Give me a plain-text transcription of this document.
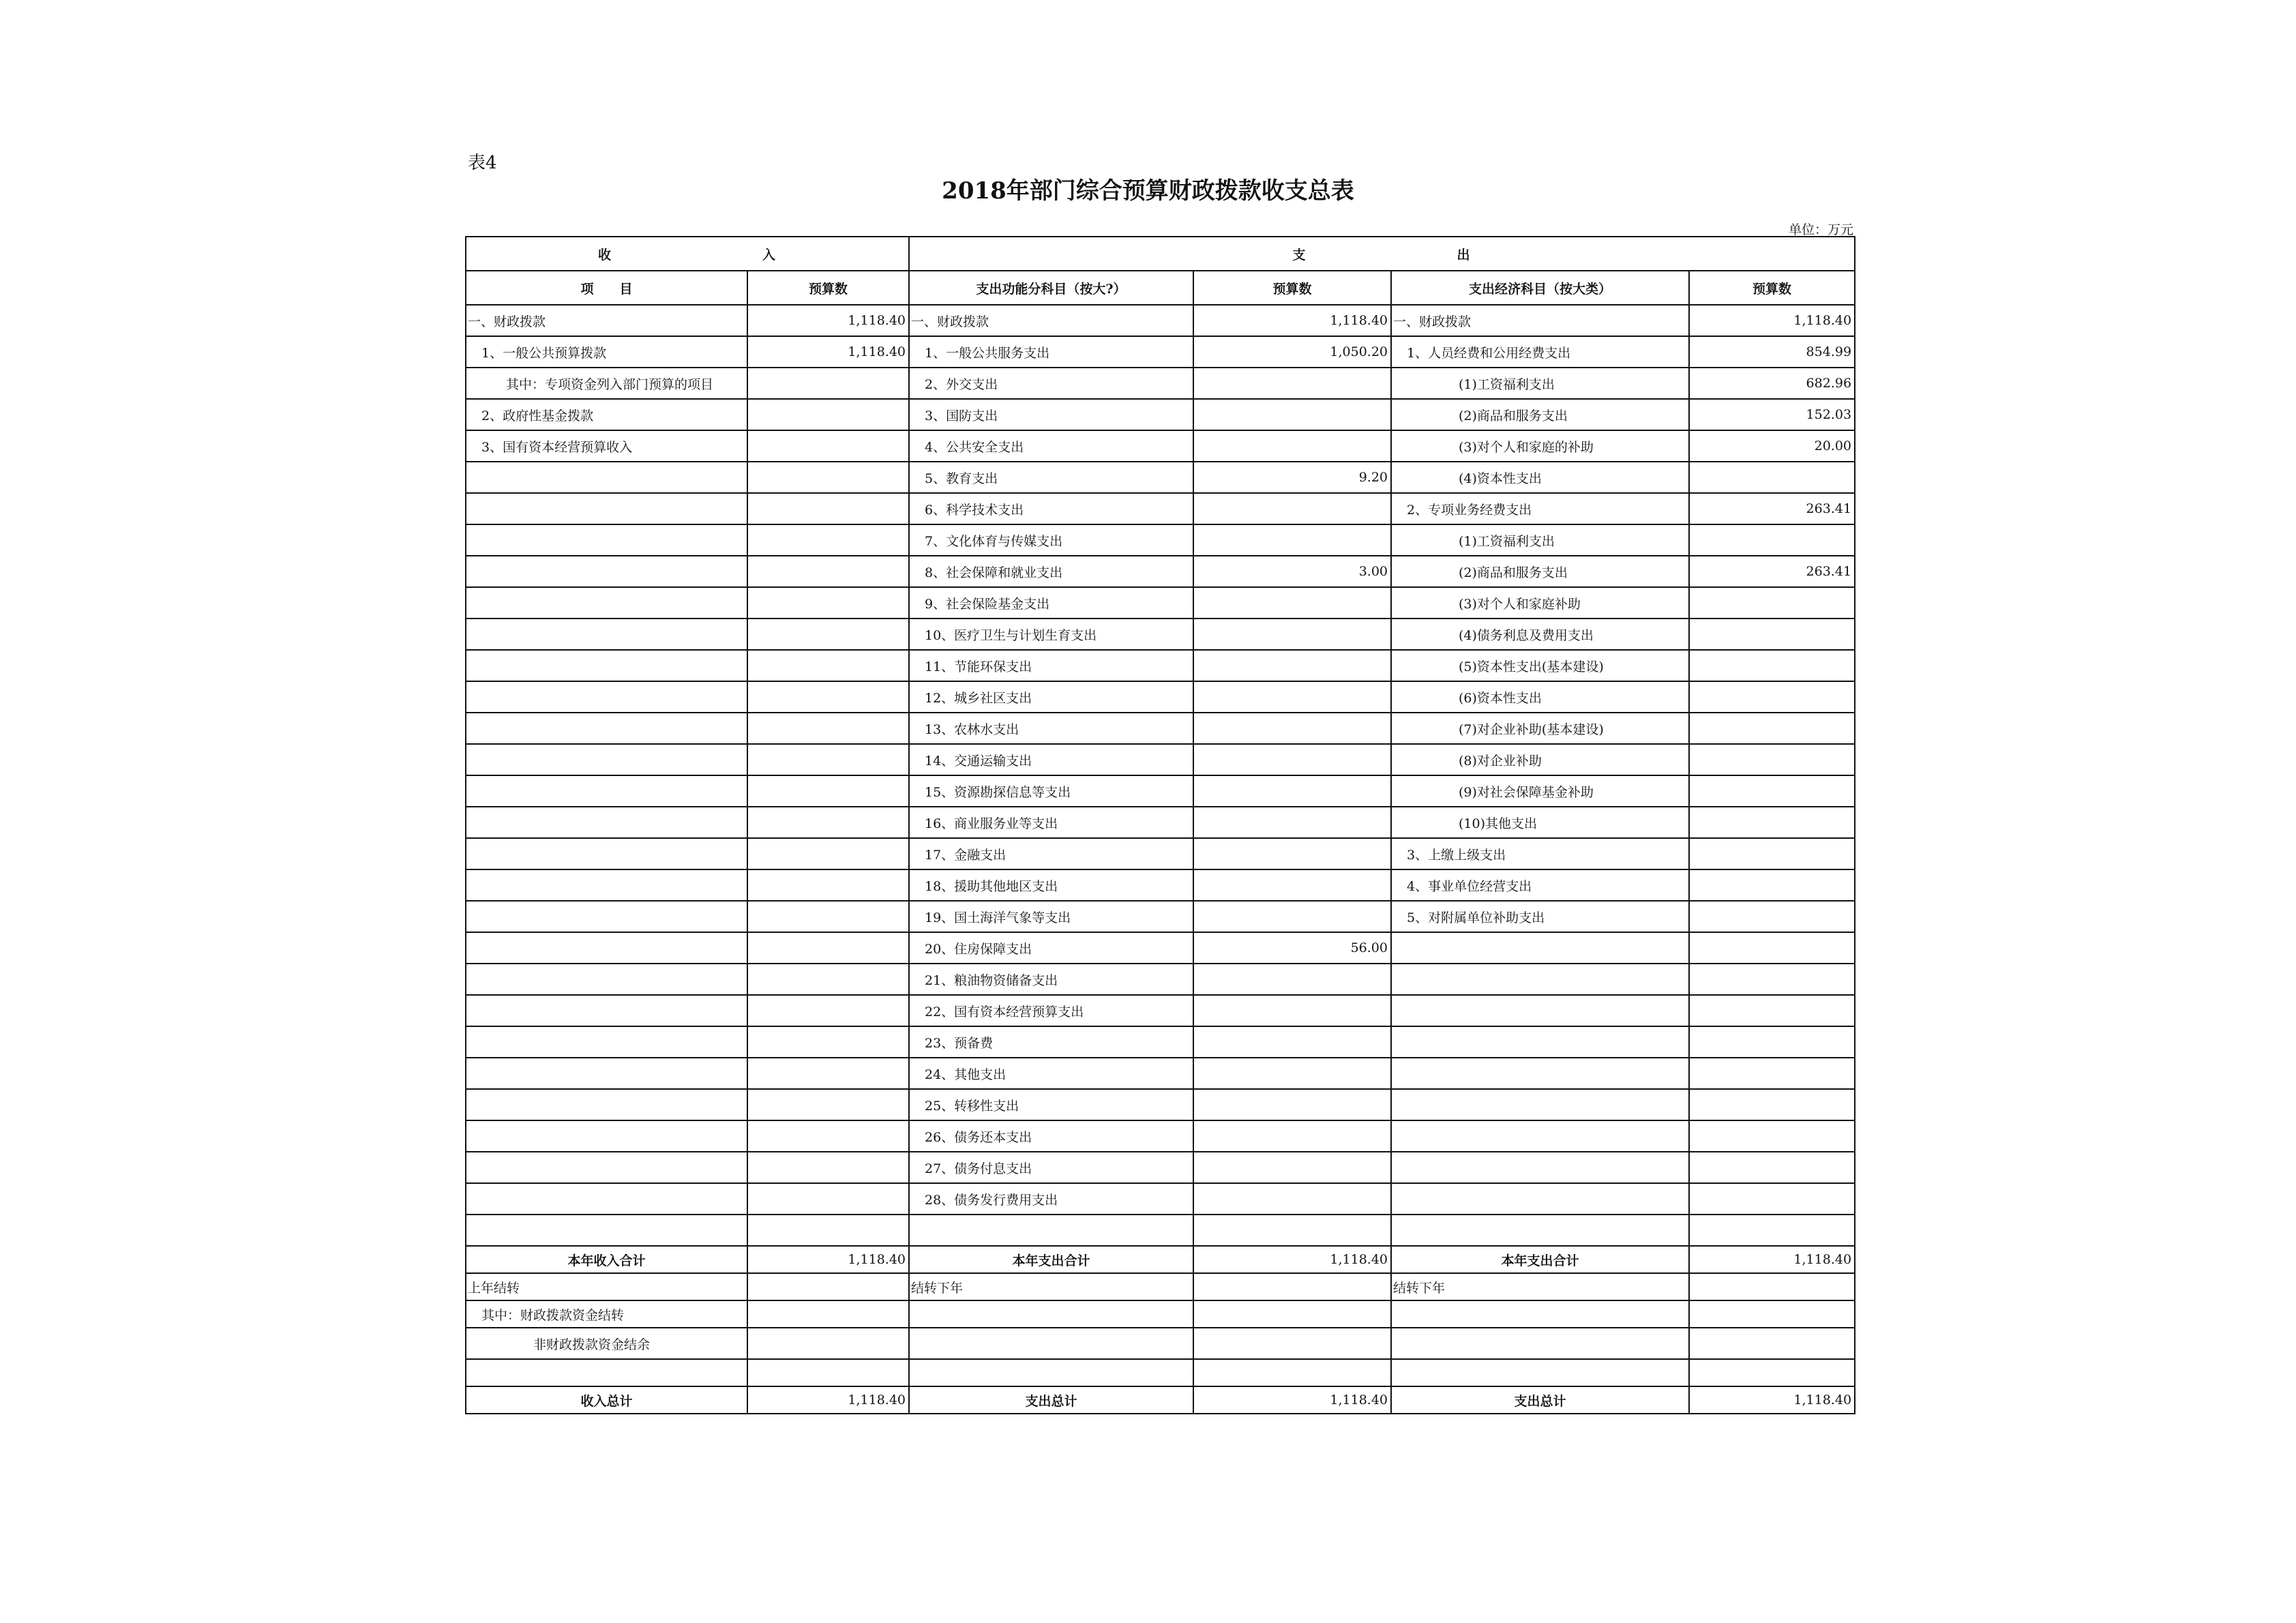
表4
2018年部门综合预算财政拨款收支总表
单位：万元
收 入		支 出			
项　　目	预算数	支出功能分科目（按大?）	预算数	支出经济科目（按大类）	预算数
一、财政拨款	1,118.40	一、财政拨款	1,118.40	一、财政拨款	1,118.40
1、一般公共预算拨款	1,118.40	1、一般公共服务支出	1,050.20	1、人员经费和公用经费支出	854.99
其中：专项资金列入部门预算的项目		2、外交支出		(1)工资福利支出	682.96
2、政府性基金拨款		3、国防支出		(2)商品和服务支出	152.03
3、国有资本经营预算收入		4、公共安全支出		(3)对个人和家庭的补助	20.00
		5、教育支出	9.20	(4)资本性支出	
		6、科学技术支出		2、专项业务经费支出	263.41
		7、文化体育与传媒支出		(1)工资福利支出	
		8、社会保障和就业支出	3.00	(2)商品和服务支出	263.41
		9、社会保险基金支出		(3)对个人和家庭补助	
		10、医疗卫生与计划生育支出		(4)债务利息及费用支出	
		11、节能环保支出		(5)资本性支出(基本建设)	
		12、城乡社区支出		(6)资本性支出	
		13、农林水支出		(7)对企业补助(基本建设)	
		14、交通运输支出		(8)对企业补助	
		15、资源勘探信息等支出		(9)对社会保障基金补助	
		16、商业服务业等支出		(10)其他支出	
		17、金融支出		3、上缴上级支出	
		18、援助其他地区支出		4、事业单位经营支出	
		19、国土海洋气象等支出		5、对附属单位补助支出	
		20、住房保障支出	56.00		
		21、粮油物资储备支出			
		22、国有资本经营预算支出			
		23、预备费			
		24、其他支出			
		25、转移性支出			
		26、债务还本支出			
		27、债务付息支出			
		28、债务发行费用支出			

本年收入合计	1,118.40	本年支出合计	1,118.40	本年支出合计	1,118.40
上年结转		结转下年		结转下年	
其中：财政拨款资金结转					
非财政拨款资金结余					

收入总计	1,118.40	支出总计	1,118.40	支出总计	1,118.40
